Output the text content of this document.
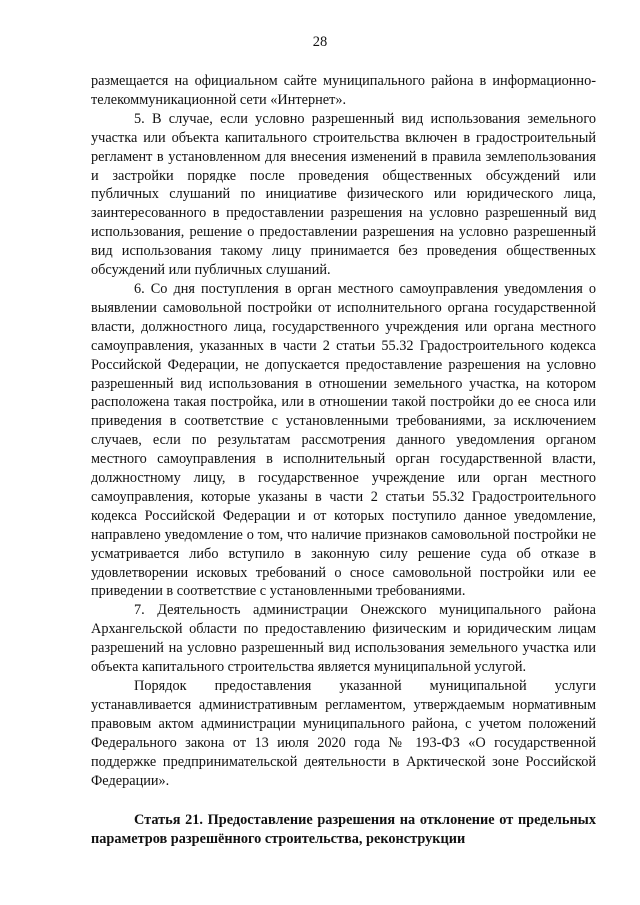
28

размещается на официальном сайте муниципального района в информационно-телекоммуникационной сети «Интернет».

5. В случае, если условно разрешенный вид использования земельного участка или объекта капитального строительства включен в градостроительный регламент в установленном для внесения изменений в правила землепользования и застройки порядке после проведения общественных обсуждений или публичных слушаний по инициативе физического или юридического лица, заинтересованного в предоставлении разрешения на условно разрешенный вид использования, решение о предоставлении разрешения на условно разрешенный вид использования такому лицу принимается без проведения общественных обсуждений или публичных слушаний.

6. Со дня поступления в орган местного самоуправления уведомления о выявлении самовольной постройки от исполнительного органа государственной власти, должностного лица, государственного учреждения или органа местного самоуправления, указанных в части 2 статьи 55.32 Градостроительного кодекса Российской Федерации, не допускается предоставление разрешения на условно разрешенный вид использования в отношении земельного участка, на котором расположена такая постройка, или в отношении такой постройки до ее сноса или приведения в соответствие с установленными требованиями, за исключением случаев, если по результатам рассмотрения данного уведомления органом местного самоуправления в исполнительный орган государственной власти, должностному лицу, в государственное учреждение или орган местного самоуправления, которые указаны в части 2 статьи 55.32 Градостроительного кодекса Российской Федерации и от которых поступило данное уведомление, направлено уведомление о том, что наличие признаков самовольной постройки не усматривается либо вступило в законную силу решение суда об отказе в удовлетворении исковых требований о сносе самовольной постройки или ее приведении в соответствие с установленными требованиями.

7. Деятельность администрации Онежского муниципального района Архангельской области по предоставлению физическим и юридическим лицам разрешений на условно разрешенный вид использования земельного участка или объекта капитального строительства является муниципальной услугой.

Порядок предоставления указанной муниципальной услуги устанавливается административным регламентом, утверждаемым нормативным правовым актом администрации муниципального района, с учетом положений Федерального закона от 13 июля 2020 года № 193-ФЗ «О государственной поддержке предпринимательской деятельности в Арктической зоне Российской Федерации».

Статья 21. Предоставление разрешения на отклонение от предельных параметров разрешённого строительства, реконструкции
